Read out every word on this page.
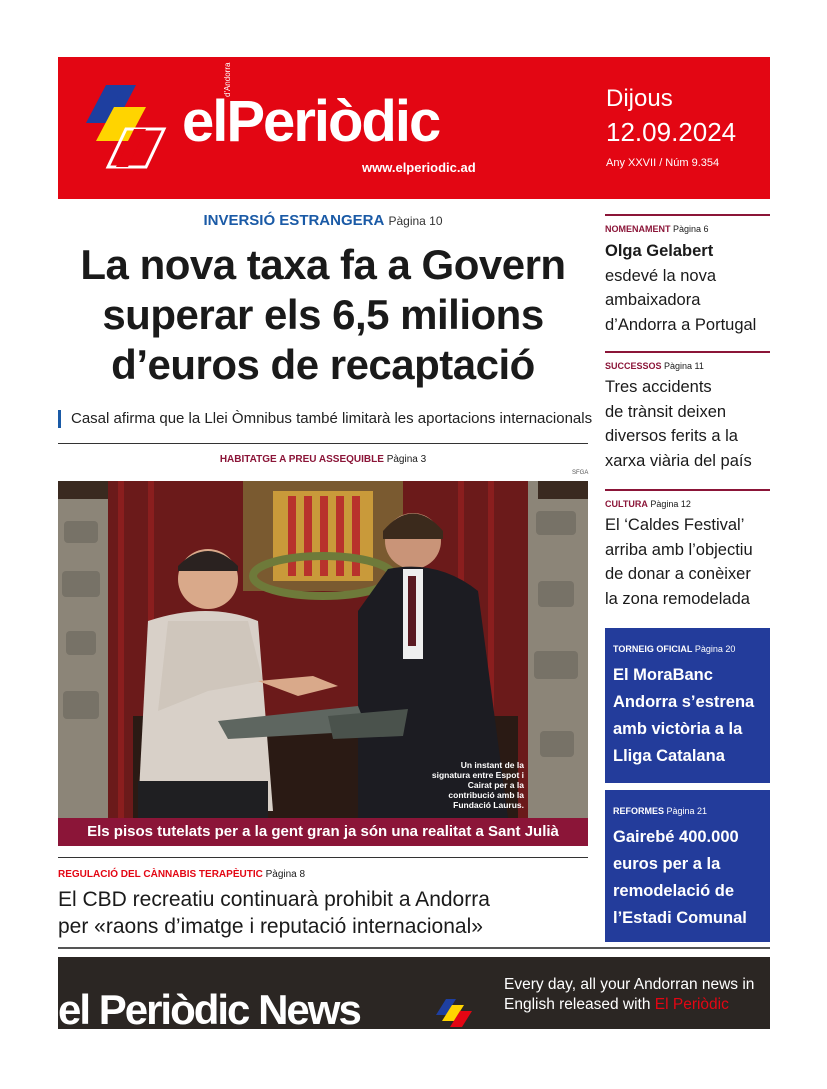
elPeriòdic
d'Andorra
www.elperiodic.ad
Dijous
12.09.2024
Any XXVII / Núm 9.354
INVERSIÓ ESTRANGERA Pàgina 10
La nova taxa fa a Govern
superar els 6,5 milions
d’euros de recaptació
Casal afirma que la Llei Òmnibus també limitarà les aportacions internacionals
HABITATGE A PREU ASSEQUIBLE Pàgina 3
SFGA
Un instant de la signatura entre Espot i Cairat per a la contribució amb la Fundació Laurus.
Els pisos tutelats per a la gent gran ja són una realitat a Sant Julià
REGULACIÓ DEL CÀNNABIS TERAPÈUTIC Pàgina 8
El CBD recreatiu continuarà prohibit a Andorra
per «raons d’imatge i reputació internacional»
NOMENAMENT Pàgina 6
Olga Gelabert
esdevé la nova
ambaixadora
d’Andorra a Portugal
SUCCESSOS Pàgina 11
Tres accidents
de trànsit deixen
diversos ferits a la
xarxa viària del país
CULTURA Pàgina 12
El ‘Caldes Festival’
arriba amb l’objectiu
de donar a conèixer
la zona remodelada
TORNEIG OFICIAL Pàgina 20
El MoraBanc
Andorra s’estrena
amb victòria a la
Lliga Catalana
REFORMES Pàgina 21
Gairebé 400.000
euros per a la
remodelació de
l’Estadi Comunal
el Periòdic News
Every day, all your Andorran news in
English released with El Periòdic
